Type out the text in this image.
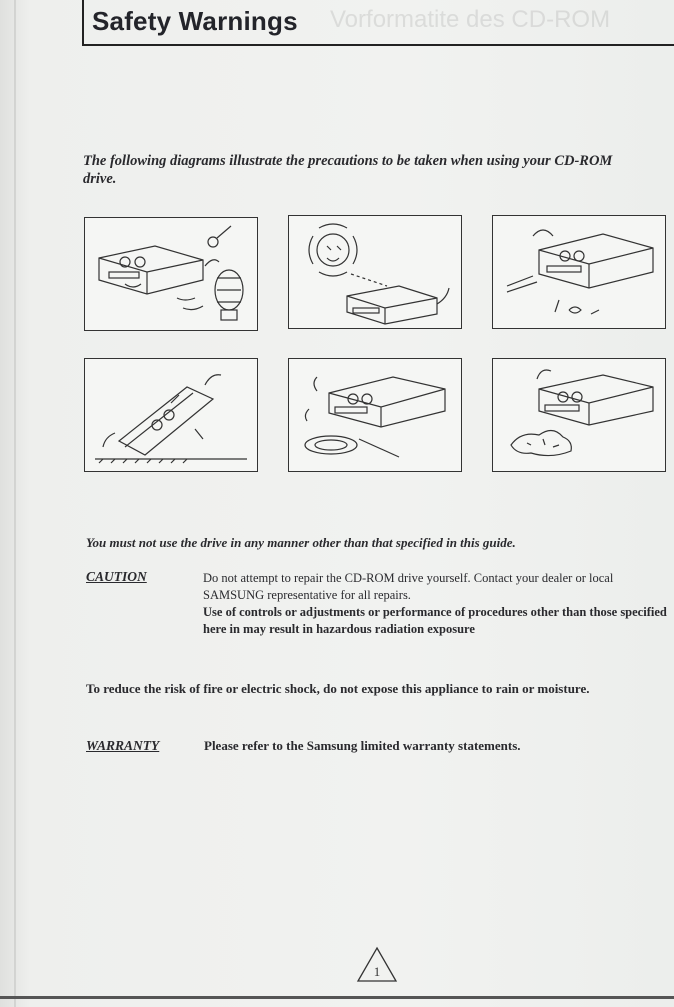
Safety Warnings Vorformatite des CD-ROM
The following diagrams illustrate the precautions to be taken when using your CD-ROM drive.
You must not use the drive in any manner other than that specified in this guide.
CAUTION	Do not attempt to repair the CD-ROM drive yourself. Contact your dealer or local SAMSUNG representative for all repairs.
Use of controls or adjustments or performance of procedures other than those specified here in may result in hazardous radiation exposure
To reduce the risk of fire or electric shock, do not expose this appliance to rain or moisture.
WARRANTY	Please refer to the Samsung limited warranty statements.
1
